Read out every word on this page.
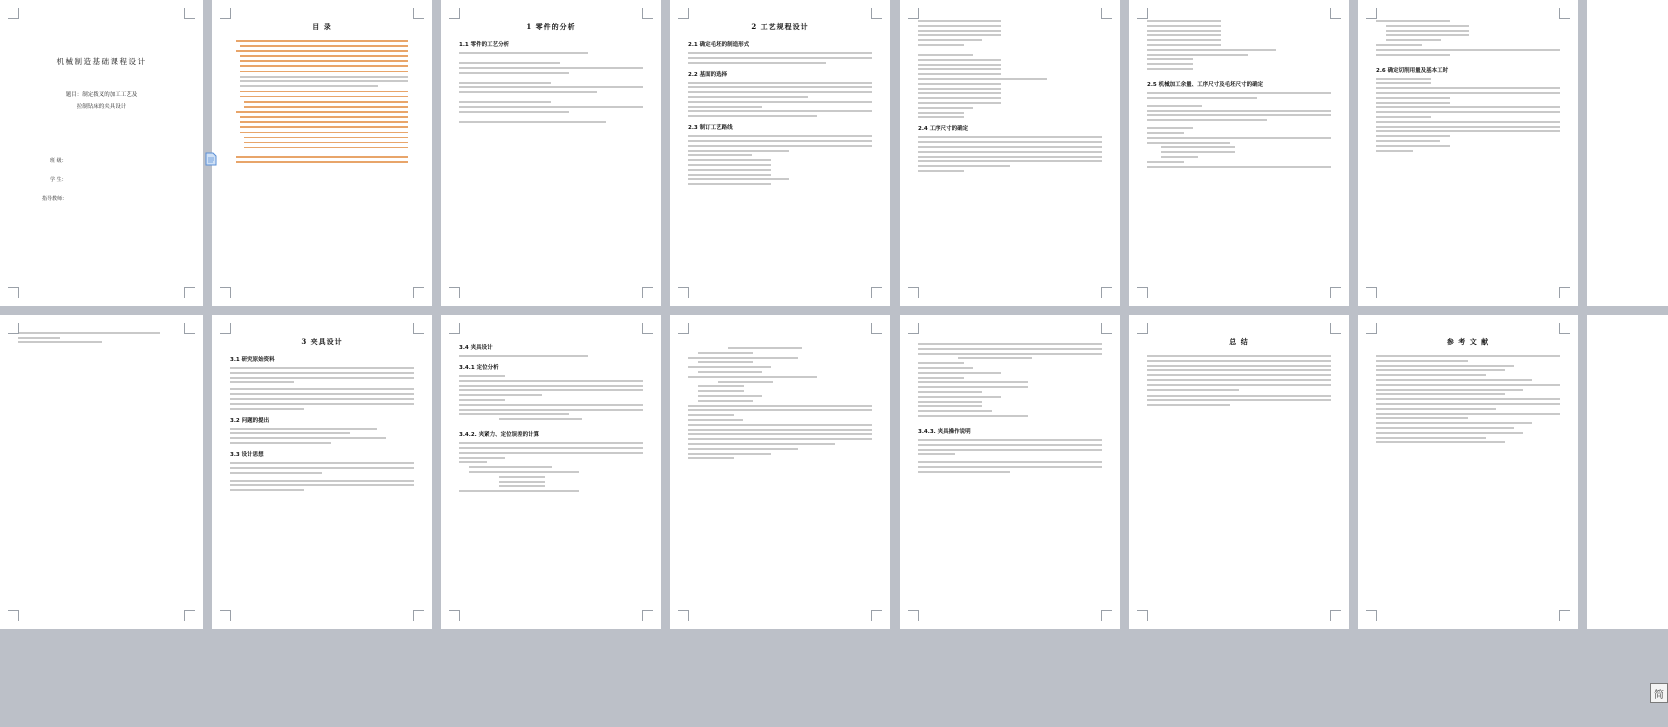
机械制造基础课程设计
题目：制定拨叉的加工工艺及
拉制钻床的夹具设计
班 级：
学 生：
指导教师：
目 录	1 零件的分析
1.1 零件的工艺分析
2 工艺规程设计
2.1 确定毛坯的制造形式
2.2 基面的选择
2.3 制订工艺路线	2.4 工序尺寸的确定
2.5 机械加工余量、工序尺寸及毛坯尺寸的确定
2.6 确定切削用量及基本工时
3 夹具设计
3.1 研究原始资料
3.2 问题的提出
3.3 设计思想
3.4 夹具设计
3.4.1 定位分析
3.4.2. 夹紧力、定位误差的计算
3.4.3. 夹具操作说明
总 结	参 考 文 献
简
